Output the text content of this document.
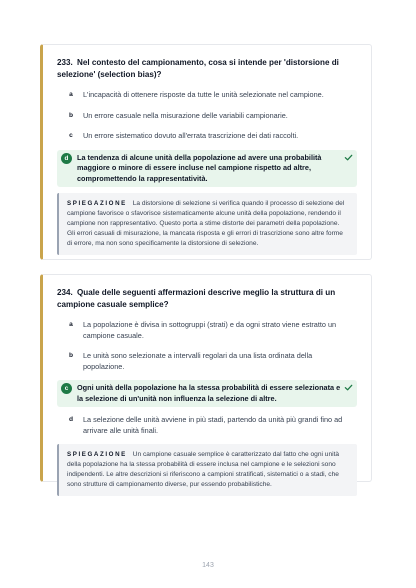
233. Nel contesto del campionamento, cosa si intende per 'distorsione di selezione' (selection bias)?
a	L'incapacità di ottenere risposte da tutte le unità selezionate nel campione.
b	Un errore casuale nella misurazione delle variabili campionarie.
c	Un errore sistematico dovuto all'errata trascrizione dei dati raccolti.
d	La tendenza di alcune unità della popolazione ad avere una probabilità maggiore o minore di essere incluse nel campione rispetto ad altre, compromettendo la rappresentatività.
SPIEGAZIONE La distorsione di selezione si verifica quando il processo di selezione del campione favorisce o sfavorisce sistematicamente alcune unità della popolazione, rendendo il campione non rappresentativo. Questo porta a stime distorte dei parametri della popolazione. Gli errori casuali di misurazione, la mancata risposta e gli errori di trascrizione sono altre forme di errore, ma non sono specificamente la distorsione di selezione.
234. Quale delle seguenti affermazioni descrive meglio la struttura di un campione casuale semplice?
a	La popolazione è divisa in sottogruppi (strati) e da ogni strato viene estratto un campione casuale.
b	Le unità sono selezionate a intervalli regolari da una lista ordinata della popolazione.
c	Ogni unità della popolazione ha la stessa probabilità di essere selezionata e la selezione di un'unità non influenza la selezione di altre.
d	La selezione delle unità avviene in più stadi, partendo da unità più grandi fino ad arrivare alle unità finali.
SPIEGAZIONE Un campione casuale semplice è caratterizzato dal fatto che ogni unità della popolazione ha la stessa probabilità di essere inclusa nel campione e le selezioni sono indipendenti. Le altre descrizioni si riferiscono a campioni stratificati, sistematici o a stadi, che sono strutture di campionamento diverse, pur essendo probabilistiche.
143
